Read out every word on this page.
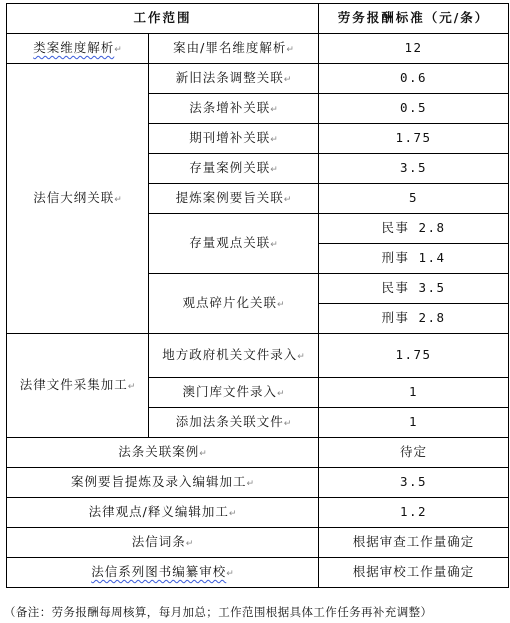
工作范围		劳务报酬标准（元/条）
类案维度解析↵	案由/罪名维度解析↵	12
法信大纲关联↵	新旧法条调整关联↵	0.6
	法条增补关联↵	0.5
	期刊增补关联↵	1.75
	存量案例关联↵	3.5
	提炼案例要旨关联↵	5
	存量观点关联↵	民事 2.8
		刑事 1.4
	观点碎片化关联↵	民事 3.5
		刑事 2.8
法律文件采集加工↵	地方政府机关文件录入↵	1.75
	澳门库文件录入↵	1
	添加法条关联文件↵	1
法条关联案例↵		待定
案例要旨提炼及录入编辑加工↵		3.5
法律观点/释义编辑加工↵		1.2
法信词条↵		根据审查工作量确定
法信系列图书编纂审校↵		根据审校工作量确定
（备注：劳务报酬每周核算，每月加总；工作范围根据具体工作任务再补充调整）
